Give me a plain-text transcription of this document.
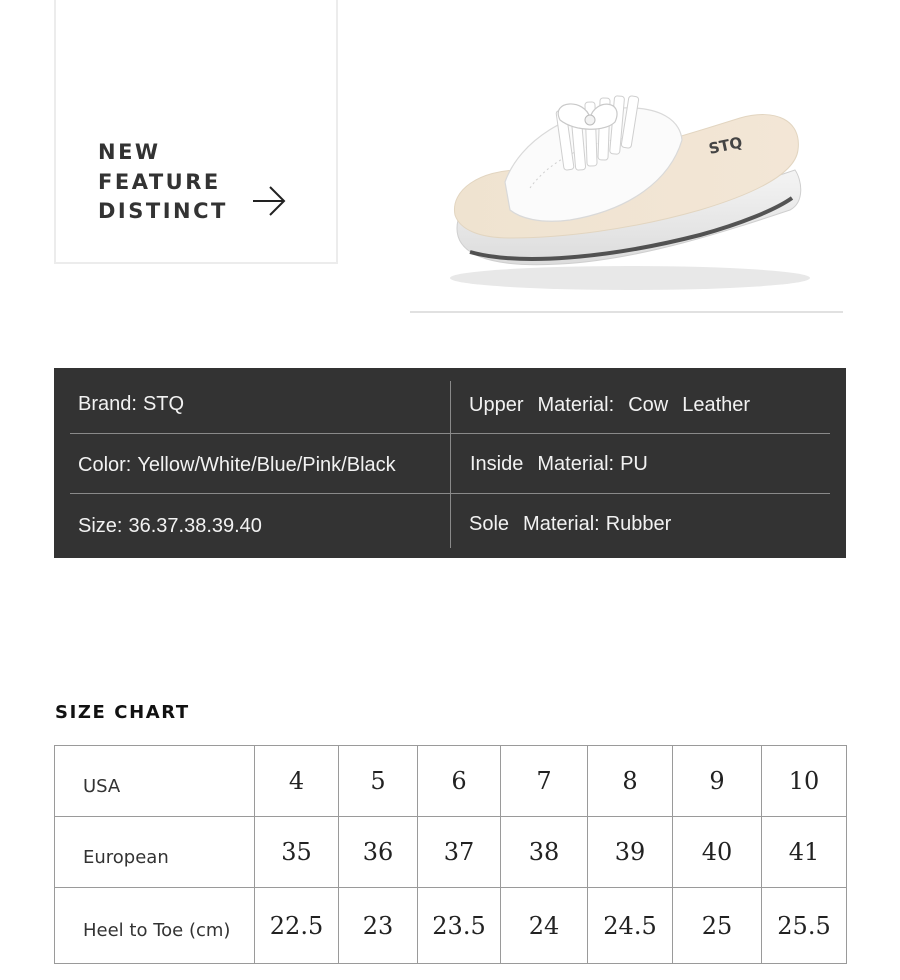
NEW
FEATURE
DISTINCT
STQ
Brand: STQ	Upper Material: Cow Leather
Color: Yellow/White/Blue/Pink/Black	Inside Material: PU
Size: 36.37.38.39.40	Sole Material: Rubber
SIZE CHART
USA	4	5	6	7	8	9	10
European	35	36	37	38	39	40	41
Heel to Toe (cm)	22.5	23	23.5	24	24.5	25	25.5
